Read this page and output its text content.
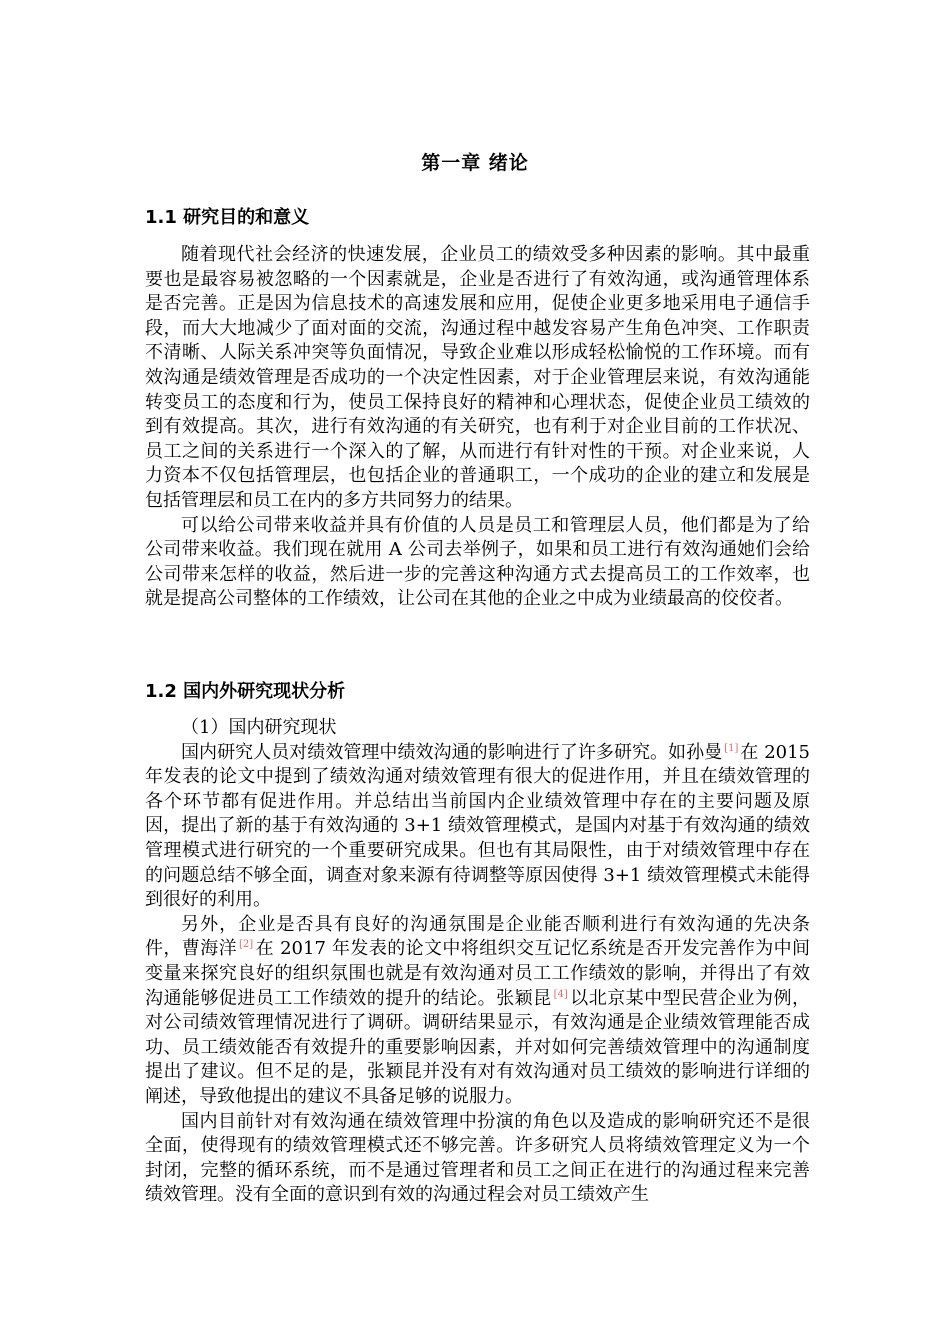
第一章 绪论
1.1 研究目的和意义

随着现代社会经济的快速发展，企业员工的绩效受多种因素的影响。其中最重要也是最容易被忽略的一个因素就是，企业是否进行了有效沟通，或沟通管理体系是否完善。正是因为信息技术的高速发展和应用，促使企业更多地采用电子通信手段，而大大地减少了面对面的交流，沟通过程中越发容易产生角色冲突、工作职责不清晰、人际关系冲突等负面情况，导致企业难以形成轻松愉悦的工作环境。而有效沟通是绩效管理是否成功的一个决定性因素，对于企业管理层来说，有效沟通能转变员工的态度和行为，使员工保持良好的精神和心理状态，促使企业员工绩效的到有效提高。其次，进行有效沟通的有关研究，也有利于对企业目前的工作状况、员工之间的关系进行一个深入的了解，从而进行有针对性的干预。对企业来说，人力资本不仅包括管理层，也包括企业的普通职工，一个成功的企业的建立和发展是包括管理层和员工在内的多方共同努力的结果。

可以给公司带来收益并具有价值的人员是员工和管理层人员，他们都是为了给公司带来收益。我们现在就用 A 公司去举例子，如果和员工进行有效沟通她们会给公司带来怎样的收益，然后进一步的完善这种沟通方式去提高员工的工作效率，也就是提高公司整体的工作绩效，让公司在其他的企业之中成为业绩最高的佼佼者。

1.2 国内外研究现状分析

（1）国内研究现状

国内研究人员对绩效管理中绩效沟通的影响进行了许多研究。如孙曼 [1] 在 2015 年发表的论文中提到了绩效沟通对绩效管理有很大的促进作用，并且在绩效管理的各个环节都有促进作用。并总结出当前国内企业绩效管理中存在的主要问题及原因，提出了新的基于有效沟通的 3+1 绩效管理模式，是国内对基于有效沟通的绩效管理模式进行研究的一个重要研究成果。但也有其局限性，由于对绩效管理中存在的问题总结不够全面，调查对象来源有待调整等原因使得 3+1 绩效管理模式未能得到很好的利用。

另外，企业是否具有良好的沟通氛围是企业能否顺利进行有效沟通的先决条件，曹海洋 [2] 在 2017 年发表的论文中将组织交互记忆系统是否开发完善作为中间变量来探究良好的组织氛围也就是有效沟通对员工工作绩效的影响，并得出了有效沟通能够促进员工工作绩效的提升的结论。张颖昆 [4] 以北京某中型民营企业为例，对公司绩效管理情况进行了调研。调研结果显示，有效沟通是企业绩效管理能否成功、员工绩效能否有效提升的重要影响因素，并对如何完善绩效管理中的沟通制度提出了建议。但不足的是，张颖昆并没有对有效沟通对员工绩效的影响进行详细的阐述，导致他提出的建议不具备足够的说服力。

国内目前针对有效沟通在绩效管理中扮演的角色以及造成的影响研究还不是很全面，使得现有的绩效管理模式还不够完善。许多研究人员将绩效管理定义为一个封闭，完整的循环系统，而不是通过管理者和员工之间正在进行的沟通过程来完善绩效管理。没有全面的意识到有效的沟通过程会对员工绩效产生
